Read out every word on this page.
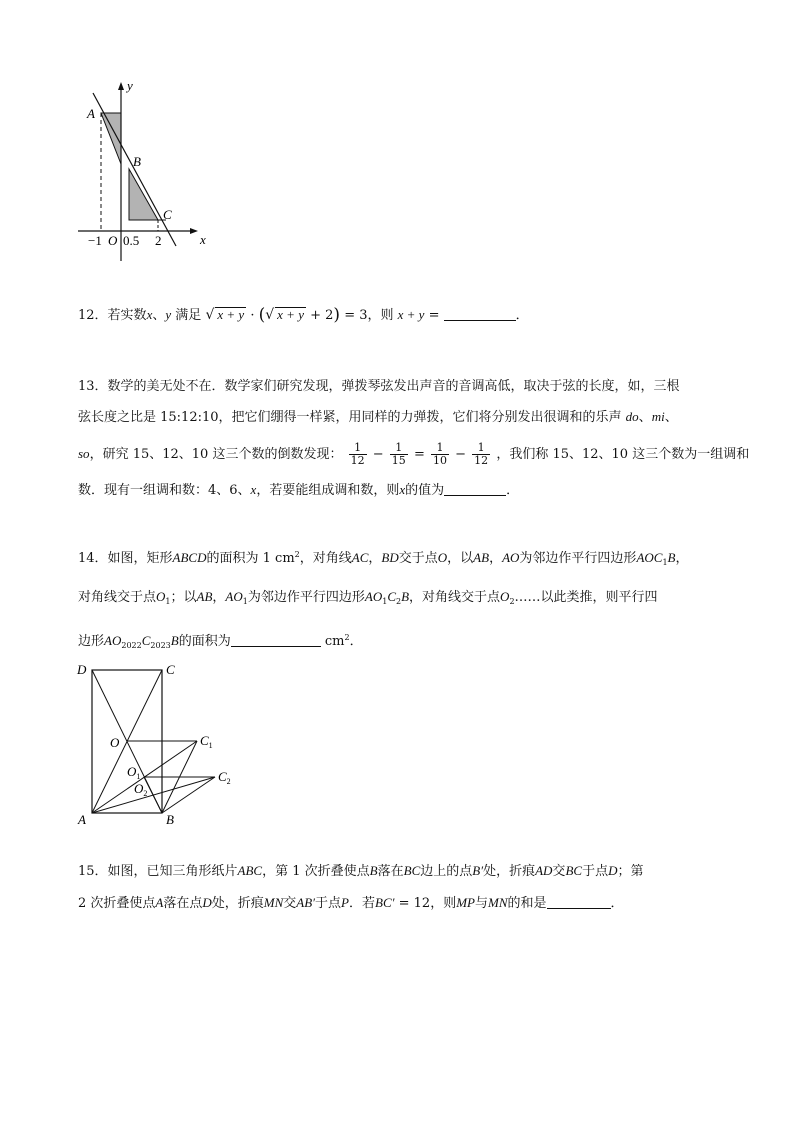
y
A
B
C
−1 O 0.5 2	x
12．若实数x、y 满足 √ x + y · (√ x + y + 2) = 3，则 x + y =	．
13．数学的美无处不在．数学家们研究发现，弹拨琴弦发出声音的音调高低，取决于弦的长度，如，三根
弦长度之比是 15:12:10，把它们绷得一样紧，用同样的力弹拨，它们将分别发出很调和的乐声 do、mi、
so，研究 15、12、10 这三个数的倒数发现： $\frac{1}{12} - \frac{1}{15} = \frac{1}{10} - \frac{1}{12}$ ，我们称 15、12、10 这三个数为一组调和
数．现有一组调和数：4、6、x，若要能组成调和数，则x的值为	．
14．如图，矩形ABCD的面积为 1 $cm^2$，对角线AC，BD交于点O，以AB，AO为邻边作平行四边形$AOC_1B$，
对角线交于点$O_1$；以AB，$AO_1$为邻边作平行四边形$AO_1C_2B$，对角线交于点$O_2\dots\dots$以此类推，则平行四
边形$AO_{2022}C_{2023}B$的面积为	$cm^2$．
D	C
O	$C_1$
$O_1$	$C_2$
$O_2$
A	B
15．如图，已知三角形纸片ABC，第 1 次折叠使点B落在BC边上的点B′处，折痕AD交BC于点D；第
2 次折叠使点A落在点D处，折痕MN交AB′于点P．若BC′ = 12，则MP与MN的和是	．
